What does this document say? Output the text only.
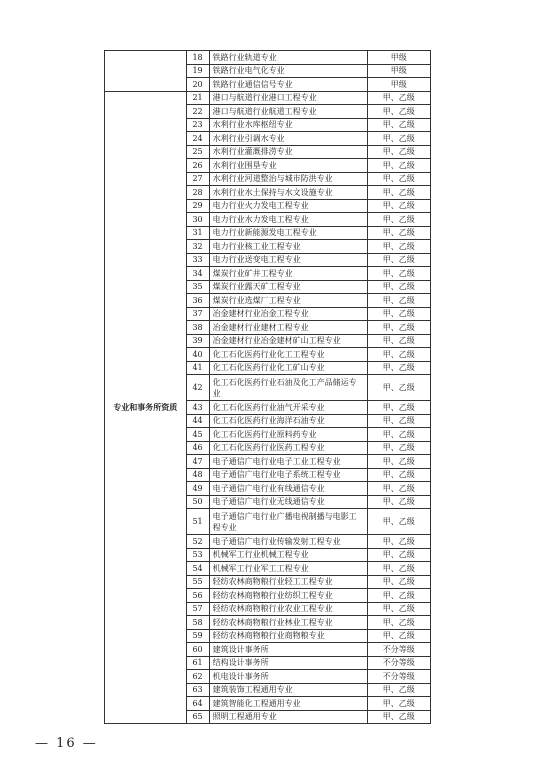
	18	铁路行业轨道专业	甲级
	19	铁路行业电气化专业	甲级
	20	铁路行业通信信号专业	甲级
专业和事务所资质	21	港口与航道行业港口工程专业	甲、乙级
	22	港口与航道行业航道工程专业	甲、乙级
	23	水利行业水库枢纽专业	甲、乙级
	24	水利行业引调水专业	甲、乙级
	25	水利行业灌溉排涝专业	甲、乙级
	26	水利行业围垦专业	甲、乙级
	27	水利行业河道整治与城市防洪专业	甲、乙级
	28	水利行业水土保持与水文设施专业	甲、乙级
	29	电力行业火力发电工程专业	甲、乙级
	30	电力行业水力发电工程专业	甲、乙级
	31	电力行业新能源发电工程专业	甲、乙级
	32	电力行业核工业工程专业	甲、乙级
	33	电力行业送变电工程专业	甲、乙级
	34	煤炭行业矿井工程专业	甲、乙级
	35	煤炭行业露天矿工程专业	甲、乙级
	36	煤炭行业选煤厂工程专业	甲、乙级
	37	冶金建材行业冶金工程专业	甲、乙级
	38	冶金建材行业建材工程专业	甲、乙级
	39	冶金建材行业冶金建材矿山工程专业	甲、乙级
	40	化工石化医药行业化工工程专业	甲、乙级
	41	化工石化医药行业化工矿山专业	甲、乙级
	42	化工石化医药行业石油及化工产品储运专业	甲、乙级
	43	化工石化医药行业油气开采专业	甲、乙级
	44	化工石化医药行业海洋石油专业	甲、乙级
	45	化工石化医药行业原料药专业	甲、乙级
	46	化工石化医药行业医药工程专业	甲、乙级
	47	电子通信广电行业电子工业工程专业	甲、乙级
	48	电子通信广电行业电子系统工程专业	甲、乙级
	49	电子通信广电行业有线通信专业	甲、乙级
	50	电子通信广电行业无线通信专业	甲、乙级
	51	电子通信广电行业广播电视制播与电影工程专业	甲、乙级
	52	电子通信广电行业传输发射工程专业	甲、乙级
	53	机械军工行业机械工程专业	甲、乙级
	54	机械军工行业军工工程专业	甲、乙级
	55	轻纺农林商物粮行业轻工工程专业	甲、乙级
	56	轻纺农林商物粮行业纺织工程专业	甲、乙级
	57	轻纺农林商物粮行业农业工程专业	甲、乙级
	58	轻纺农林商物粮行业林业工程专业	甲、乙级
	59	轻纺农林商物粮行业商物粮专业	甲、乙级
	60	建筑设计事务所	不分等级
	61	结构设计事务所	不分等级
	62	机电设计事务所	不分等级
	63	建筑装饰工程通用专业	甲、乙级
	64	建筑智能化工程通用专业	甲、乙级
	65	照明工程通用专业	甲、乙级
— 16 —
